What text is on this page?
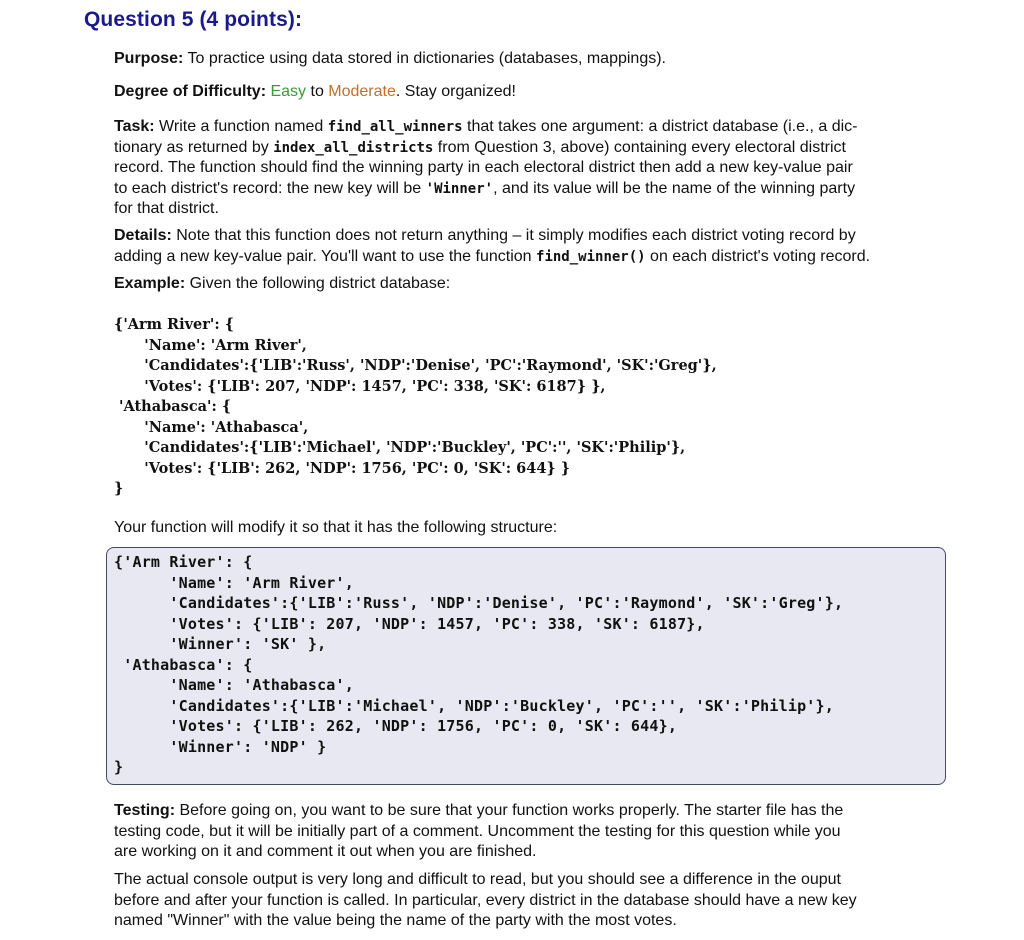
Question 5 (4 points):
Purpose: To practice using data stored in dictionaries (databases, mappings).
Degree of Difficulty: Easy to Moderate. Stay organized!
Task: Write a function named find_all_winners that takes one argument: a district database (i.e., a dic-
tionary as returned by index_all_districts from Question 3, above) containing every electoral district
record. The function should find the winning party in each electoral district then add a new key-value pair
to each district's record: the new key will be 'Winner', and its value will be the name of the winning party
for that district.
Details: Note that this function does not return anything – it simply modifies each district voting record by
adding a new key-value pair. You'll want to use the function find_winner() on each district's voting record.
Example: Given the following district database:
{'Arm River': {
'Name': 'Arm River',
'Candidates':{'LIB':'Russ', 'NDP':'Denise', 'PC':'Raymond', 'SK':'Greg'},
'Votes': {'LIB': 207, 'NDP': 1457, 'PC': 338, 'SK': 6187} },
'Athabasca': {
'Name': 'Athabasca',
'Candidates':{'LIB':'Michael', 'NDP':'Buckley', 'PC':'', 'SK':'Philip'},
'Votes': {'LIB': 262, 'NDP': 1756, 'PC': 0, 'SK': 644} }
}
Your function will modify it so that it has the following structure:
{'Arm River': {
'Name': 'Arm River',
'Candidates':{'LIB':'Russ', 'NDP':'Denise', 'PC':'Raymond', 'SK':'Greg'},
'Votes': {'LIB': 207, 'NDP': 1457, 'PC': 338, 'SK': 6187},
'Winner': 'SK' },
'Athabasca': {
'Name': 'Athabasca',
'Candidates':{'LIB':'Michael', 'NDP':'Buckley', 'PC':'', 'SK':'Philip'},
'Votes': {'LIB': 262, 'NDP': 1756, 'PC': 0, 'SK': 644},
'Winner': 'NDP' }
}
Testing: Before going on, you want to be sure that your function works properly. The starter file has the
testing code, but it will be initially part of a comment. Uncomment the testing for this question while you
are working on it and comment it out when you are finished.
The actual console output is very long and difficult to read, but you should see a difference in the ouput
before and after your function is called. In particular, every district in the database should have a new key
named "Winner" with the value being the name of the party with the most votes.
